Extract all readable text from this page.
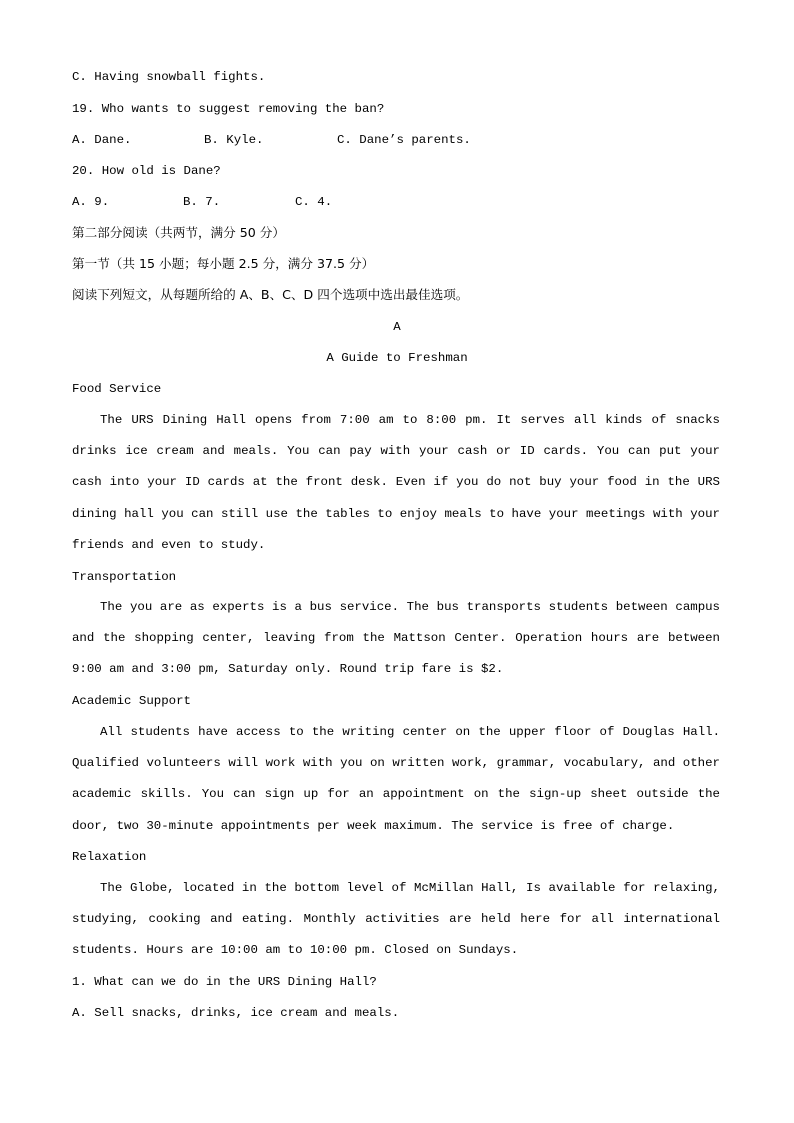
C. Having snowball fights.
19. Who wants to suggest removing the ban?
A. Dane.	B. Kyle.	C. Dane’s parents.
20. How old is Dane?
A. 9.	B. 7.	C. 4.
第二部分阅读（共两节，满分 50 分）
第一节（共 15 小题；每小题 2.5 分，满分 37.5 分）
阅读下列短文，从每题所给的 A、B、C、D 四个选项中选出最佳选项。
A
A Guide to Freshman
Food Service

The URS Dining Hall opens from 7:00 am to 8:00 pm. It serves all kinds of snacks drinks ice cream and meals. You can pay with your cash or ID cards. You can put your cash into your ID cards at the front desk. Even if you do not buy your food in the URS dining hall you can still use the tables to enjoy meals to have your meetings with your friends and even to study.

Transportation

The you are as experts is a bus service. The bus transports students between campus and the shopping center, leaving from the Mattson Center. Operation hours are between 9:00 am and 3:00 pm, Saturday only. Round trip fare is $2.

Academic Support

All students have access to the writing center on the upper floor of Douglas Hall. Qualified volunteers will work with you on written work, grammar, vocabulary, and other academic skills. You can sign up for an appointment on the sign-up sheet outside the door, two 30-minute appointments per week maximum. The service is free of charge.

Relaxation

The Globe, located in the bottom level of McMillan Hall, Is available for relaxing, studying, cooking and eating. Monthly activities are held here for all international students. Hours are 10:00 am to 10:00 pm. Closed on Sundays.

1. What can we do in the URS Dining Hall?
A. Sell snacks, drinks, ice cream and meals.
